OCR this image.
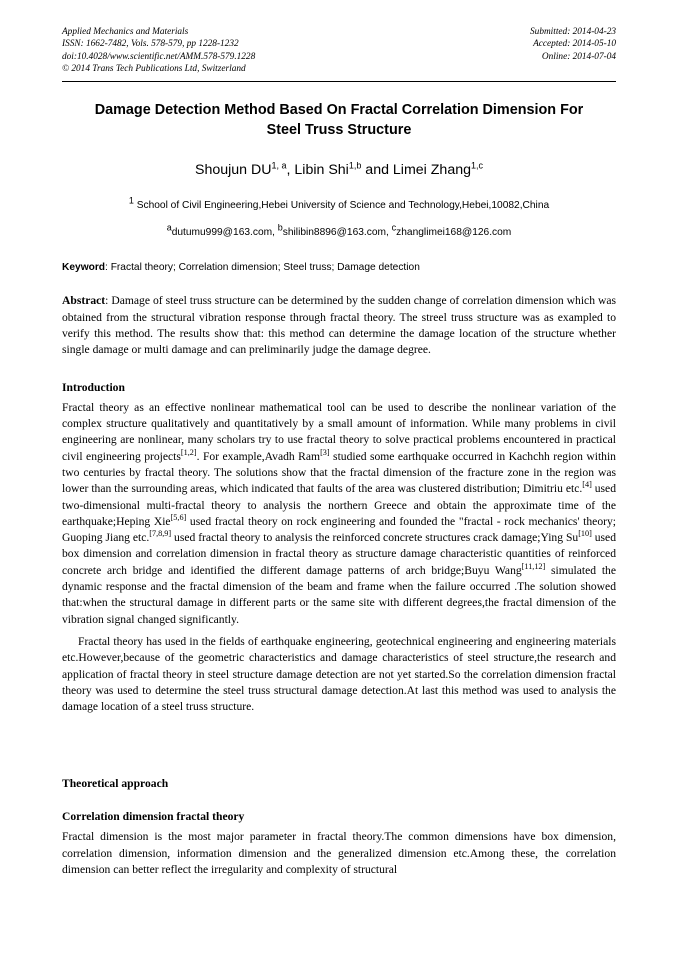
Applied Mechanics and Materials
ISSN: 1662-7482, Vols. 578-579, pp 1228-1232
doi:10.4028/www.scientific.net/AMM.578-579.1228
© 2014 Trans Tech Publications Ltd, Switzerland
Submitted: 2014-04-23
Accepted: 2014-05-10
Online: 2014-07-04
Damage Detection Method Based On Fractal Correlation Dimension For Steel Truss Structure
Shoujun DU$^{1, a}$, Libin Shi$^{1,b}$ and Limei Zhang$^{1,c}$
$^1$ School of Civil Engineering,Hebei University of Science and Technology,Hebei,10082,China
$^a$dutumu999@163.com, $^b$shilibin8896@163.com, $^c$zhanglimei168@126.com
Keyword: Fractal theory; Correlation dimension; Steel truss; Damage detection
Abstract: Damage of steel truss structure can be determined by the sudden change of correlation dimension which was obtained from the structural vibration response through fractal theory. The streel truss structure was as exampled to verify this method. The results show that: this method can determine the damage location of the structure whether single damage or multi damage and can preliminarily judge the damage degree.
Introduction

Fractal theory as an effective nonlinear mathematical tool can be used to describe the nonlinear variation of the complex structure qualitatively and quantitatively by a small amount of information. While many problems in civil engineering are nonlinear, many scholars try to use fractal theory to solve practical problems encountered in practical civil engineering projects[1,2]. For example,Avadh Ram[3] studied some earthquake occurred in Kachchh region within two centuries by fractal theory. The solutions show that the fractal dimension of the fracture zone in the region was lower than the surrounding areas, which indicated that faults of the area was clustered distribution; Dimitriu etc.[4] used two-dimensional multi-fractal theory to analysis the northern Greece and obtain the approximate time of the earthquake;Heping Xie[5,6] used fractal theory on rock engineering and founded the "fractal - rock mechanics' theory; Guoping Jiang etc.[7,8,9] used fractal theory to analysis the reinforced concrete structures crack damage;Ying Su[10] used box dimension and correlation dimension in fractal theory as structure damage characteristic quantities of reinforced concrete arch bridge and identified the different damage patterns of arch bridge;Buyu Wang[11,12] simulated the dynamic response and the fractal dimension of the beam and frame when the failure occurred .The solution showed that:when the structural damage in different parts or the same site with different degrees,the fractal dimension of the vibration signal changed significantly.

Fractal theory has used in the fields of earthquake engineering, geotechnical engineering and engineering materials etc.However,because of the geometric characteristics and damage characteristics of steel structure,the research and application of fractal theory in steel structure damage detection are not yet started.So the correlation dimension fractal theory was used to determine the steel truss structural damage detection.At last this method was used to analysis the damage location of a steel truss structure.

Theoretical approach
Correlation dimension fractal theory

Fractal dimension is the most major parameter in fractal theory.The common dimensions have box dimension, correlation dimension, information dimension and the generalized dimension etc.Among these, the correlation dimension can better reflect the irregularity and complexity of structural
